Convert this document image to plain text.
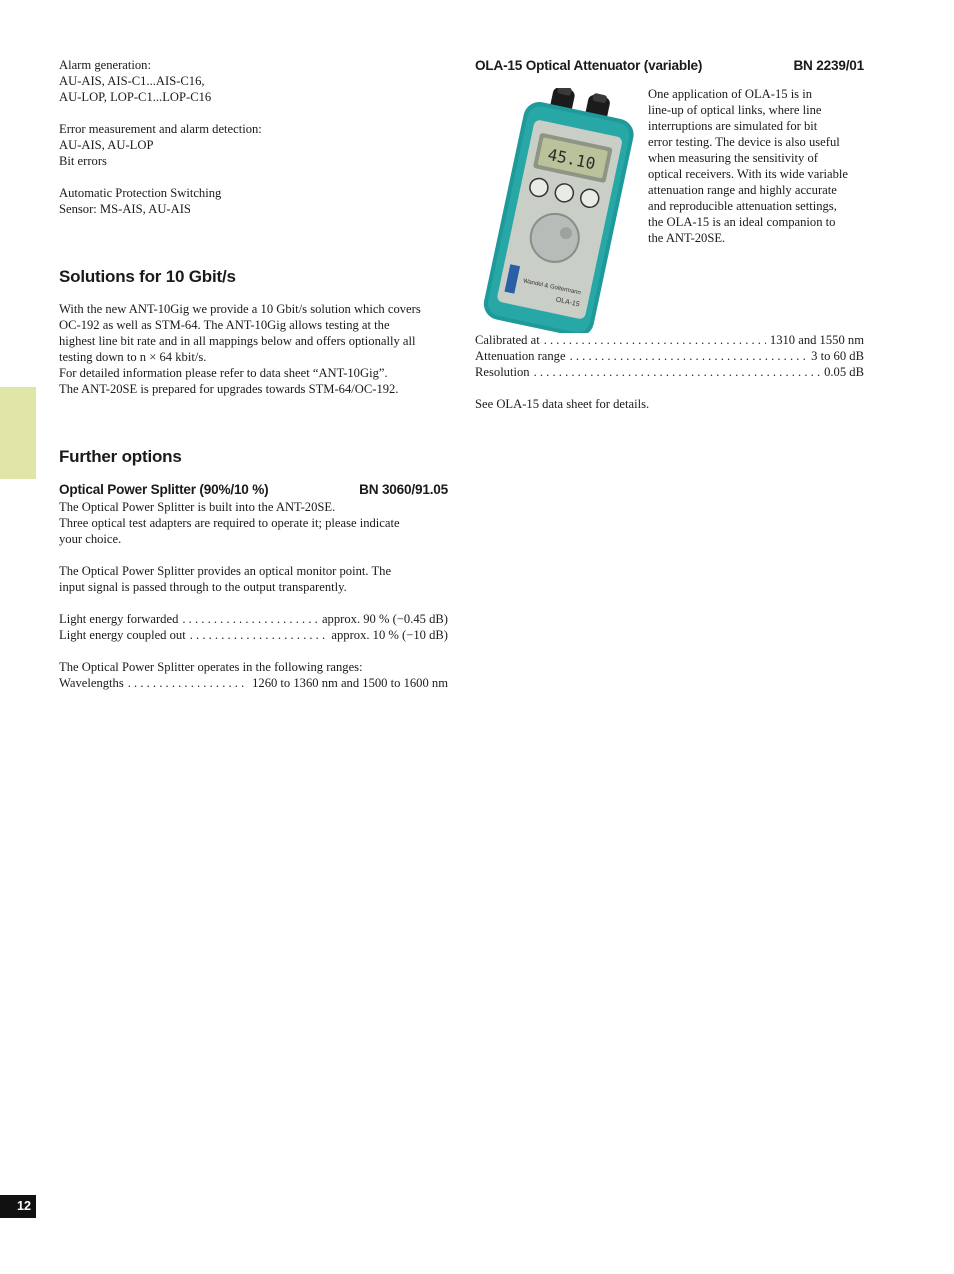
Alarm generation:

AU-AIS, AIS-C1...AIS-C16,

AU-LOP, LOP-C1...LOP-C16

Error measurement and alarm detection:

AU-AIS, AU-LOP

Bit errors

Automatic Protection Switching

Sensor: MS-AIS, AU-AIS

Solutions for 10 Gbit/s

With the new ANT-10Gig we provide a 10 Gbit/s solution which covers

OC-192 as well as STM-64. The ANT-10Gig allows testing at the

highest line bit rate and in all mappings below and offers optionally all

testing down to n × 64 kbit/s.

For detailed information please refer to data sheet “ANT-10Gig”.

The ANT-20SE is prepared for upgrades towards STM-64/OC-192.

Further options
Optical Power Splitter (90%/10 %)	BN 3060/91.05

The Optical Power Splitter is built into the ANT-20SE.

Three optical test adapters are required to operate it; please indicate

your choice.

The Optical Power Splitter provides an optical monitor point. The

input signal is passed through to the output transparently.

Light energy forwarded . . .	approx. 90 % (−0.45 dB)
Light energy coupled out . . .	approx. 10 % (−10 dB)

The Optical Power Splitter operates in the following ranges:

Wavelengths . . .	1260 to 1360 nm and 1500 to 1600 nm
OLA-15 Optical Attenuator (variable)	BN 2239/01
45.10
Wandel & Goltermann
OLA-15

One application of OLA-15 is in

line-up of optical links, where line

interruptions are simulated for bit

error testing. The device is also useful

when measuring the sensitivity of

optical receivers. With its wide variable

attenuation range and highly accurate

and reproducible attenuation settings,

the OLA-15 is an ideal companion to

the ANT-20SE.

Calibrated at . . .	1310 and 1550 nm
Attenuation range . . .	3 to 60 dB
Resolution . . .	0.05 dB

See OLA-15 data sheet for details.

12
